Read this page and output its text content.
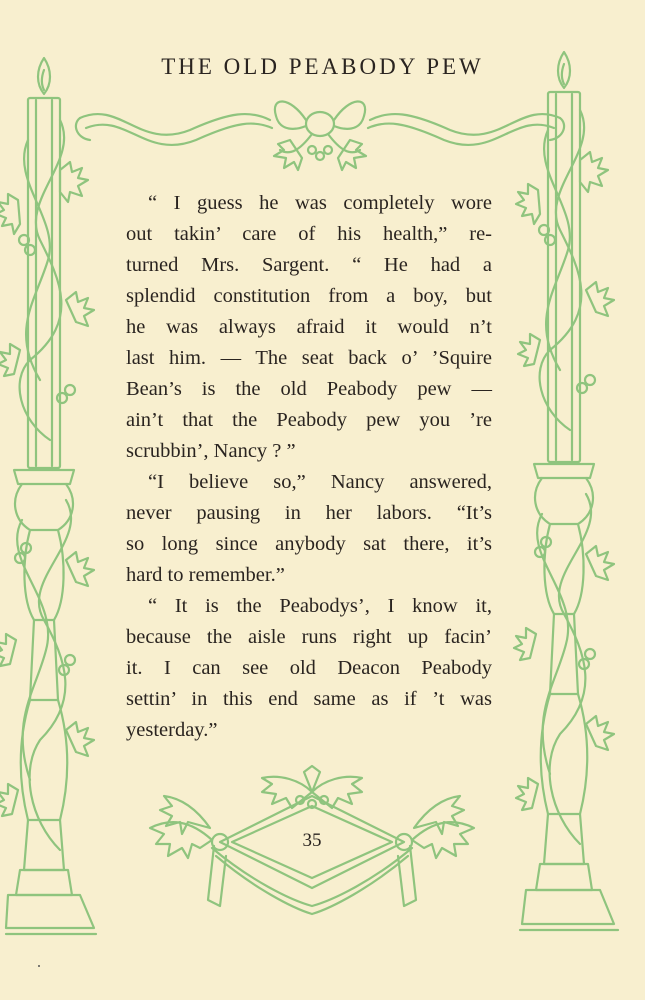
THE OLD PEABODY PEW
“ I guess he was completely wore
out takin’ care of his health,” re-
turned Mrs. Sargent. “ He had a
splendid constitution from a boy, but
he was always afraid it would n’t
last him. — The seat back o’ ’Squire
Bean’s is the old Peabody pew —
ain’t that the Peabody pew you ’re
scrubbin’, Nancy ? ”
“I believe so,” Nancy answered,
never pausing in her labors. “It’s
so long since anybody sat there, it’s
hard to remember.”
“ It is the Peabodys’, I know it,
because the aisle runs right up facin’
it. I can see old Deacon Peabody
settin’ in this end same as if ’t was
yesterday.”
35
